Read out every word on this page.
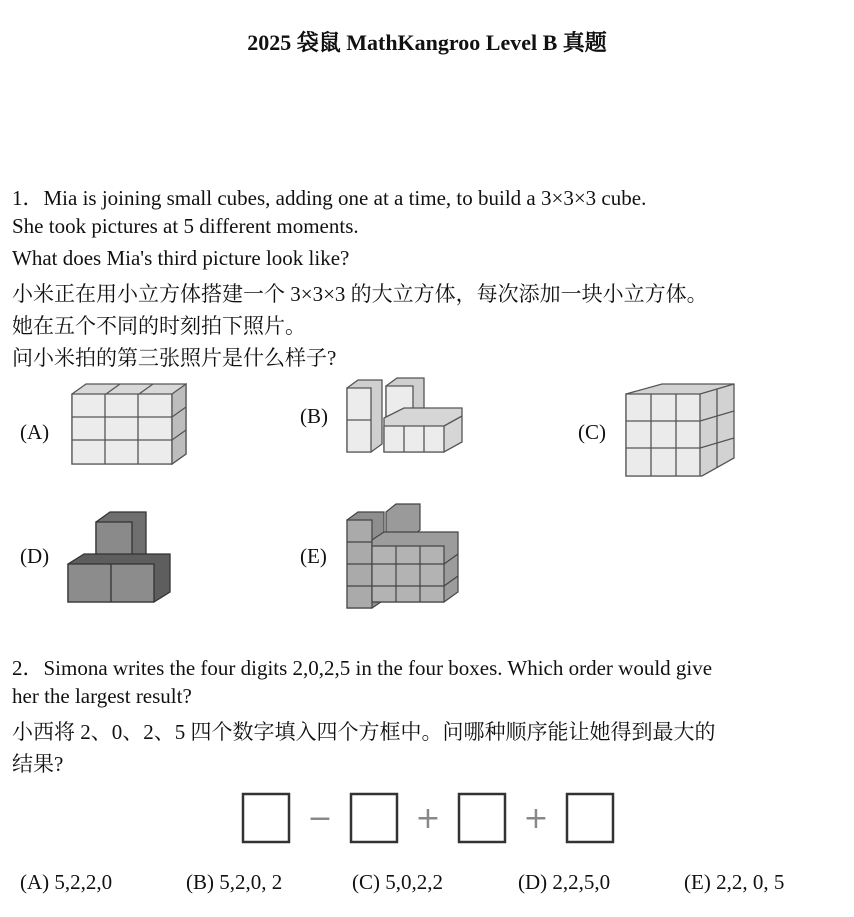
2025 袋鼠 MathKangroo Level B 真题
1．Mia is joining small cubes, adding one at a time, to build a 3×3×3 cube.
She took pictures at 5 different moments.
What does Mia's third picture look like?
小米正在用小立方体搭建一个 3×3×3 的大立方体，每次添加一块小立方体。
她在五个不同的时刻拍下照片。
问小米拍的第三张照片是什么样子?
(A)
(B)
(C)
(D)	(E)
2．Simona writes the four digits 2,0,2,5 in the four boxes. Which order would give
her the largest result?
小西将 2、0、2、5 四个数字填入四个方框中。问哪种顺序能让她得到最大的
结果?
−	+	+
(A) 5,2,2,0	(B) 5,2,0, 2	(C) 5,0,2,2	(D) 2,2,5,0	(E) 2,2, 0, 5
